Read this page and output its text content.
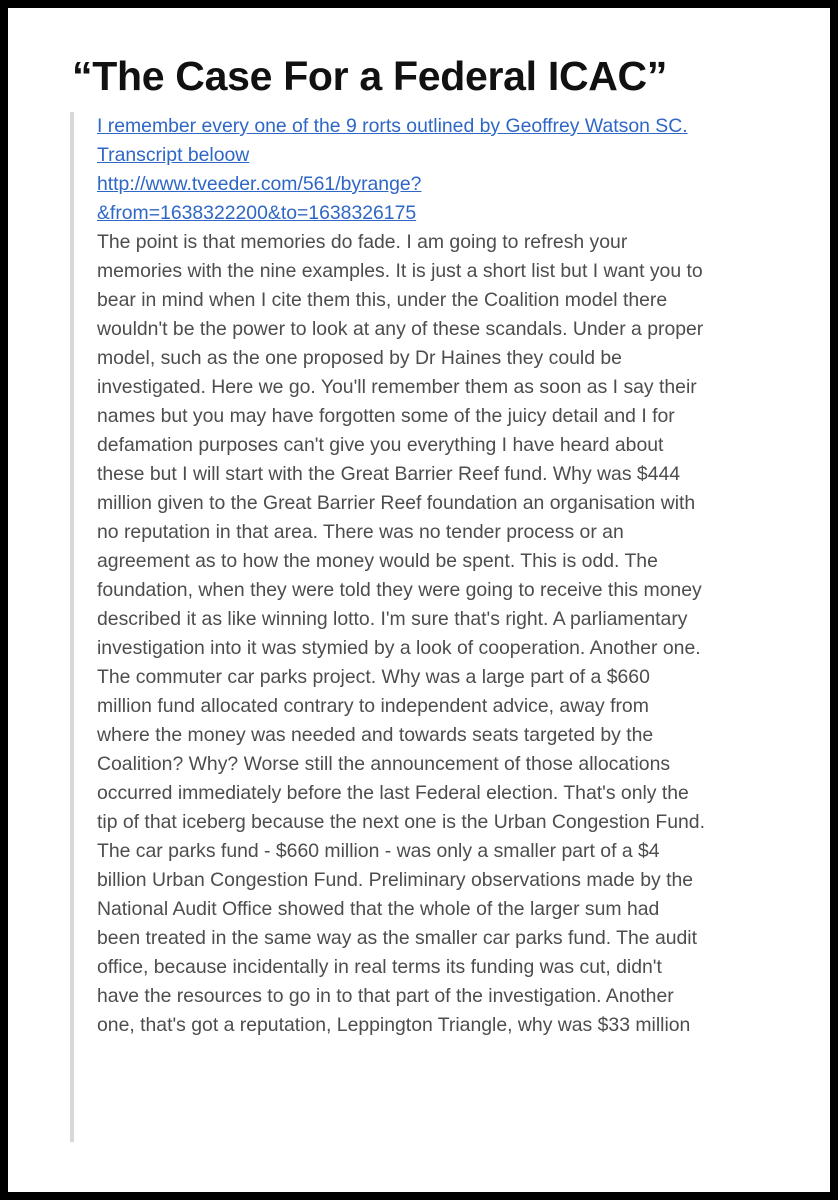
“The Case For a Federal ICAC”
I remember every one of the 9 rorts outlined by Geoffrey Watson SC.
Transcript beloow
http://www.tveeder.com/561/byrange?
&from=1638322200&to=1638326175

The point is that memories do fade. I am going to refresh your

memories with the nine examples. It is just a short list but I want you to

bear in mind when I cite them this, under the Coalition model there

wouldn't be the power to look at any of these scandals. Under a proper

model, such as the one proposed by Dr Haines they could be

investigated. Here we go. You'll remember them as soon as I say their

names but you may have forgotten some of the juicy detail and I for

defamation purposes can't give you everything I have heard about

these but I will start with the Great Barrier Reef fund. Why was $444

million given to the Great Barrier Reef foundation an organisation with

no reputation in that area. There was no tender process or an

agreement as to how the money would be spent. This is odd. The

foundation, when they were told they were going to receive this money

described it as like winning lotto. I'm sure that's right. A parliamentary

investigation into it was stymied by a look of cooperation. Another one.

The commuter car parks project. Why was a large part of a $660

million fund allocated contrary to independent advice, away from

where the money was needed and towards seats targeted by the

Coalition? Why? Worse still the announcement of those allocations

occurred immediately before the last Federal election. That's only the

tip of that iceberg because the next one is the Urban Congestion Fund.

The car parks fund - $660 million - was only a smaller part of a $4

billion Urban Congestion Fund. Preliminary observations made by the

National Audit Office showed that the whole of the larger sum had

been treated in the same way as the smaller car parks fund. The audit

office, because incidentally in real terms its funding was cut, didn't

have the resources to go in to that part of the investigation. Another

one, that's got a reputation, Leppington Triangle, why was $33 million
